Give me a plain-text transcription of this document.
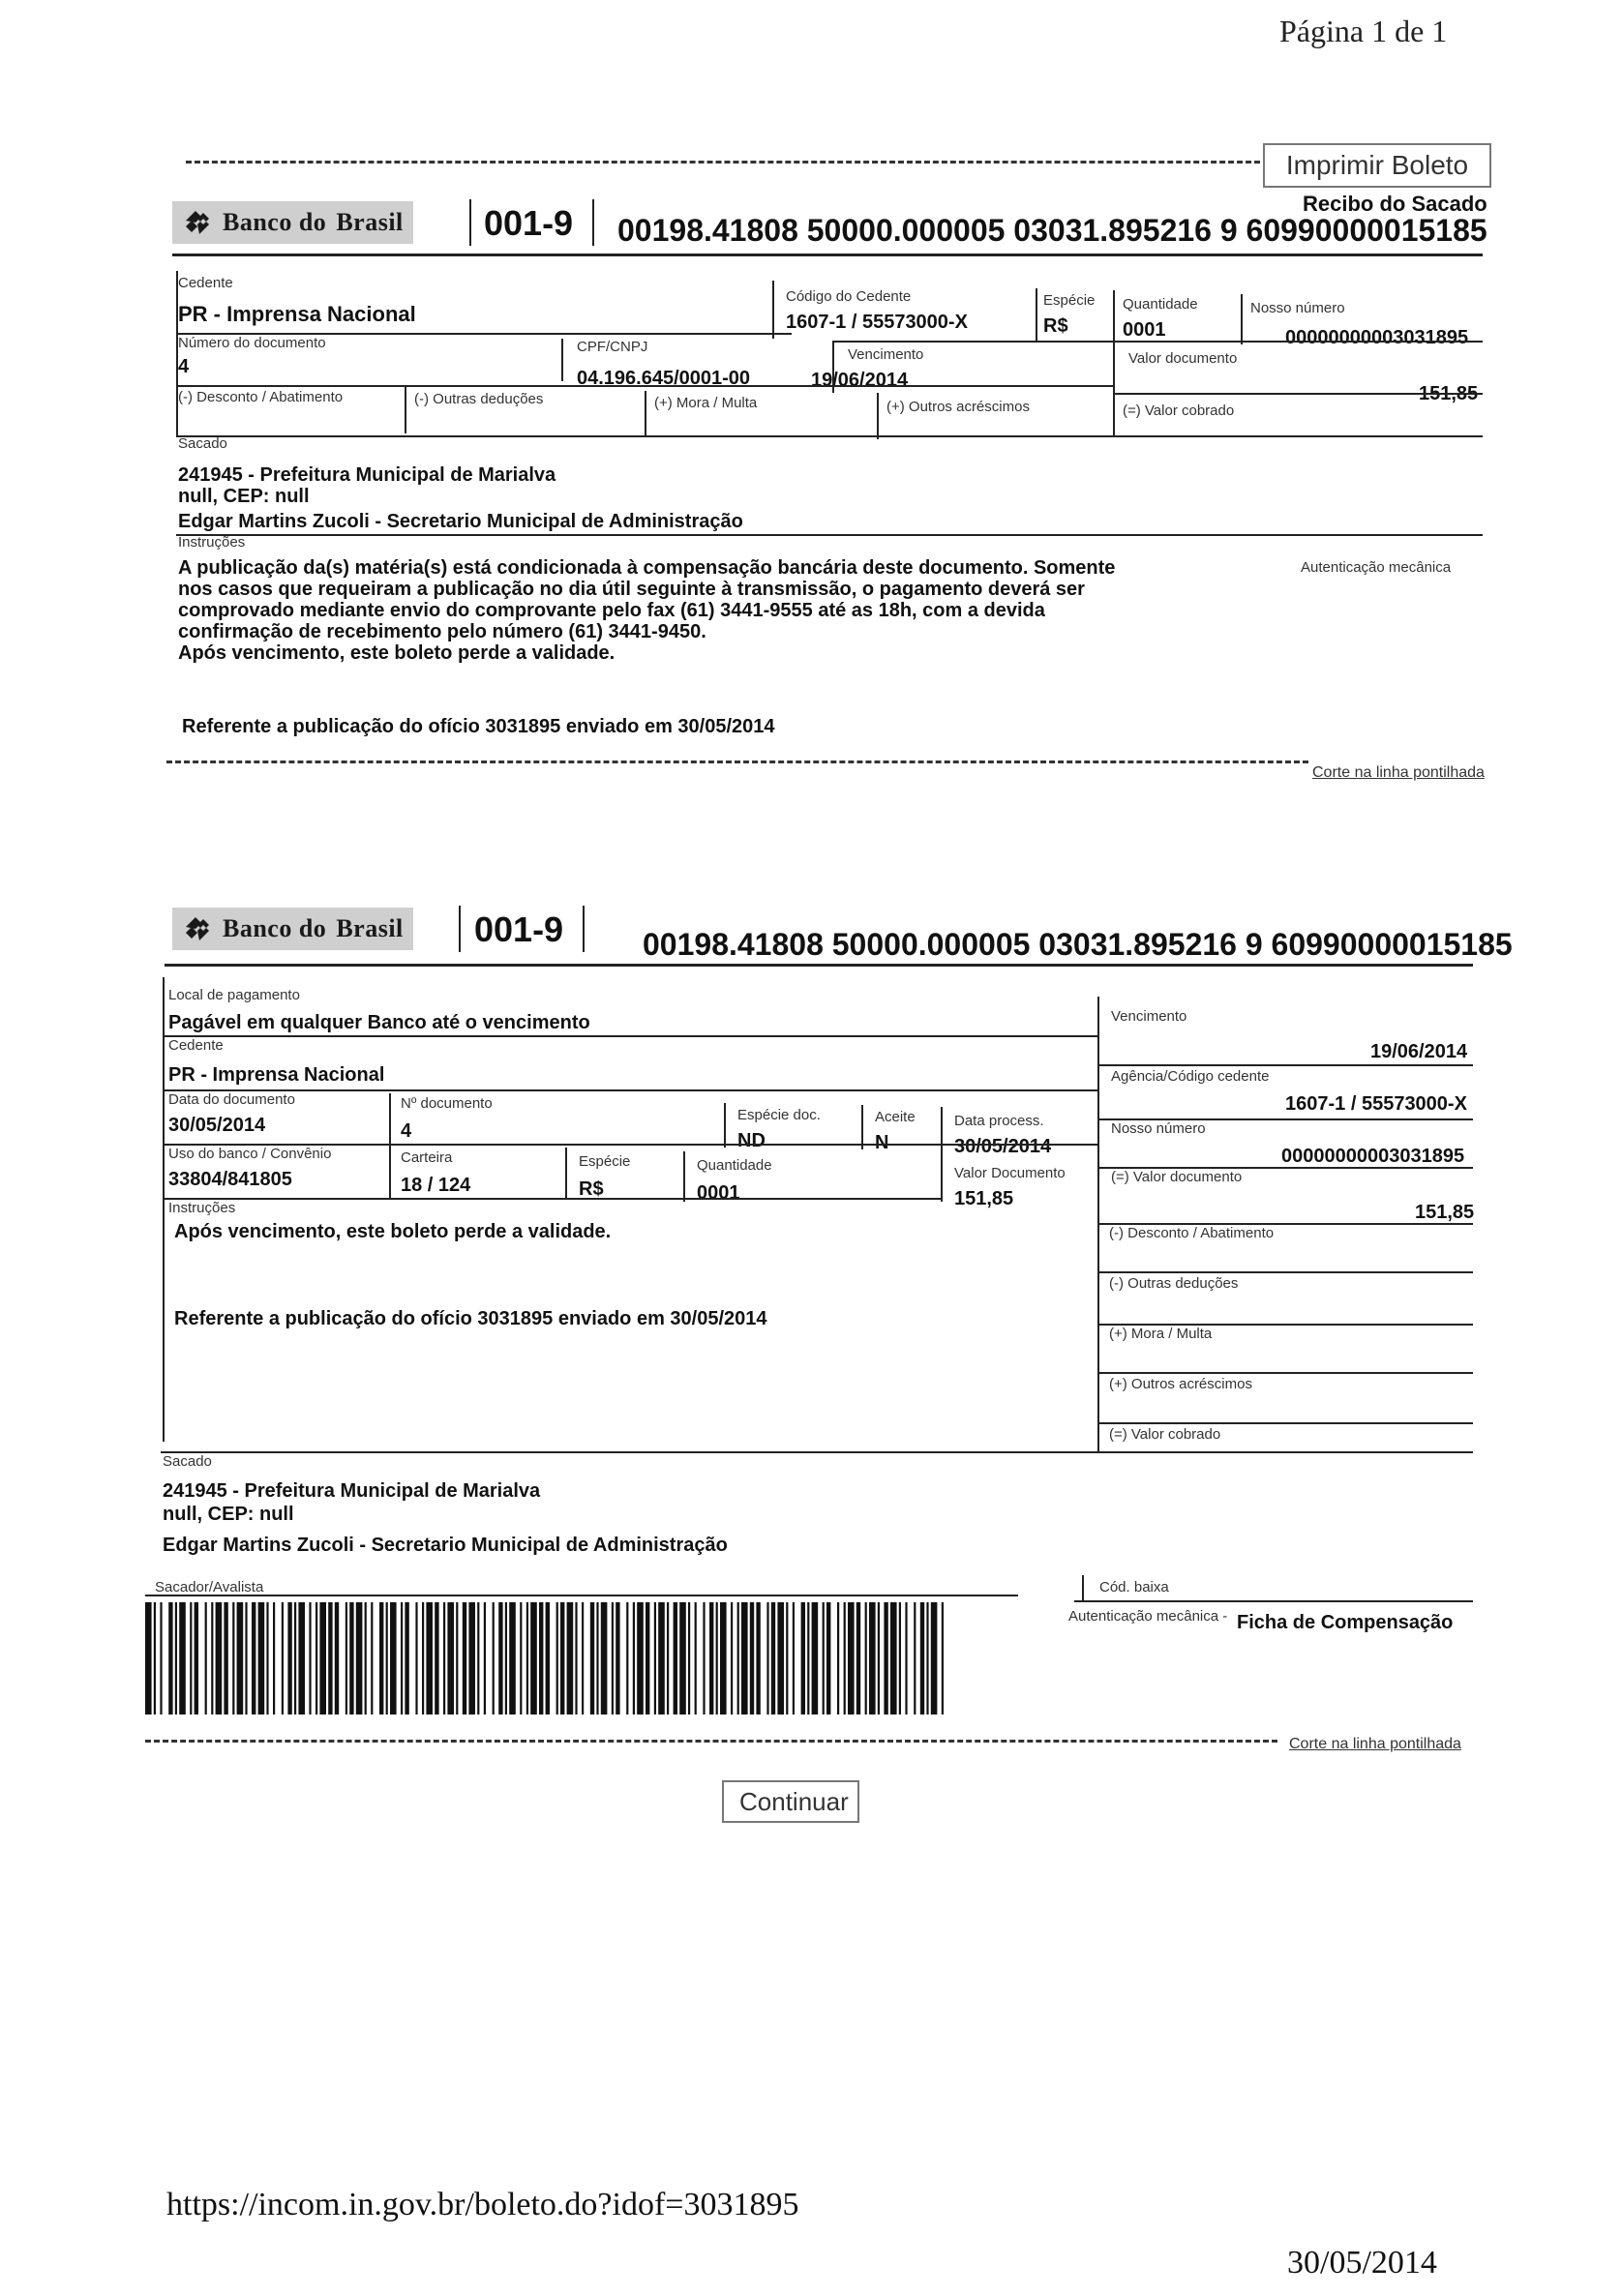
Página 1 de 1
Imprimir Boleto
Recibo do Sacado
Banco do Brasil 001-9 00198.41808 50000.000005 03031.895216 9 60990000015185
Cedente
PR - Imprensa Nacional
Código do Cedente
1607-1 / 55573000-X
Espécie
R$
Quantidade
0001
Nosso número
00000000003031895
Número do documento
4
CPF/CNPJ
04.196.645/0001-00
Vencimento
19/06/2014
Valor documento
151,85
(-) Desconto / Abatimento	(-) Outras deduções	(+) Mora / Multa	(+) Outros acréscimos	(=) Valor cobrado
Sacado
241945 - Prefeitura Municipal de Marialva
null, CEP: null
Edgar Martins Zucoli - Secretario Municipal de Administração
Instruções
Autenticação mecânica
A publicação da(s) matéria(s) está condicionada à compensação bancária deste documento. Somente
nos casos que requeiram a publicação no dia útil seguinte à transmissão, o pagamento deverá ser
comprovado mediante envio do comprovante pelo fax (61) 3441-9555 até as 18h, com a devida
confirmação de recebimento pelo número (61) 3441-9450.
Após vencimento, este boleto perde a validade.
Referente a publicação do ofício 3031895 enviado em 30/05/2014
Corte na linha pontilhada
Banco do Brasil 001-9	00198.41808 50000.000005 03031.895216 9 60990000015185
Local de pagamento
Pagável em qualquer Banco até o vencimento	Vencimento
19/06/2014
Cedente
PR - Imprensa Nacional	Agência/Código cedente
1607-1 / 55573000-X
Data do documento
30/05/2014
Nº documento
4
Espécie doc.
ND
Aceite
N
Data process.
30/05/2014
Nosso número
00000000003031895
Uso do banco / Convênio
33804/841805
Carteira
18 / 124
Espécie
R$
Quantidade
0001
Valor Documento
151,85
(=) Valor documento
151,85
Instruções
Após vencimento, este boleto perde a validade.
Referente a publicação do ofício 3031895 enviado em 30/05/2014
(-) Desconto / Abatimento
(-) Outras deduções
(+) Mora / Multa
(+) Outros acréscimos
(=) Valor cobrado
Sacado
241945 - Prefeitura Municipal de Marialva
null, CEP: null
Edgar Martins Zucoli - Secretario Municipal de Administração
Sacador/Avalista	Cód. baixa
Autenticação mecânica - Ficha de Compensação
Corte na linha pontilhada
Continuar
https://incom.in.gov.br/boleto.do?idof=3031895
30/05/2014
